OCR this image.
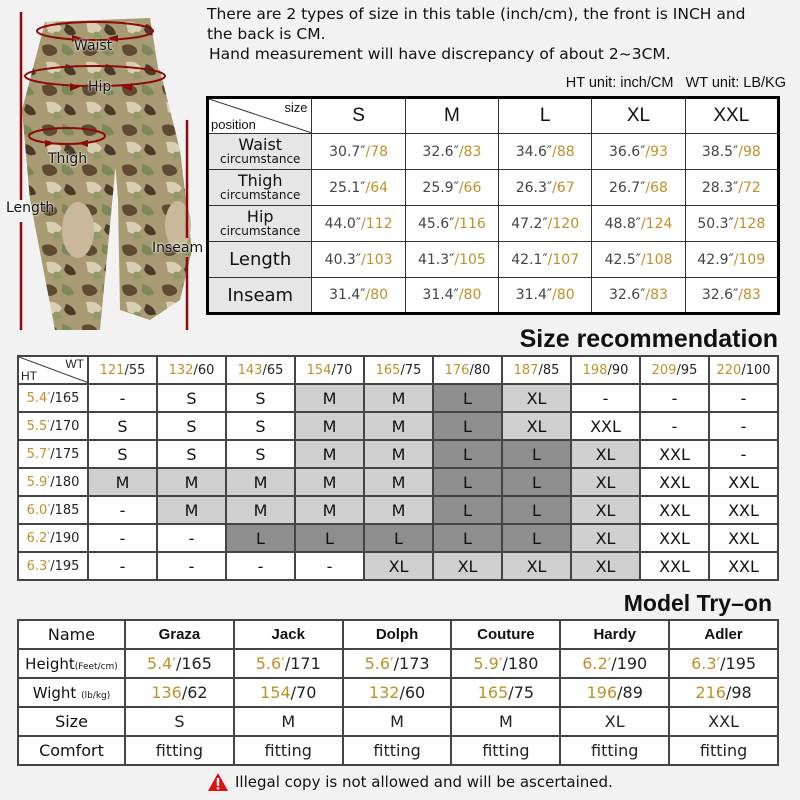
Waist
Hip
Thigh
Length
Inseam
There are 2 types of size in this table (inch/cm), the front is INCH and
the back is CM.
Hand measurement will have discrepancy of about 2~3CM.
HT unit: inch/CM   WT unit: LB/KG
size
position	S	M	L	XL	XXL

Waist
circumstance	30.7″/78	32.6″/83	34.6″/88	36.6″/93	38.5″/98

Thigh
circumstance	25.1″/64	25.9″/66	26.3″/67	26.7″/68	28.3″/72

Hip
circumstance	44.0″/112	45.6″/116	47.2″/120	48.8″/124	50.3″/128

Length	40.3″/103	41.3″/105	42.1″/107	42.5″/108	42.9″/109

Inseam	31.4″/80	31.4″/80	31.4″/80	32.6″/83	32.6″/83
Size recommendation
WT
HT	121/55	132/60	143/65	154/70	165/75	176/80	187/85	198/90	209/95	220/100
5.4′/165	-	S	S	M	M	L	XL	-	-	-
5.5′/170	S	S	S	M	M	L	XL	XXL	-	-
5.7′/175	S	S	S	M	M	L	L	XL	XXL	-
5.9′/180	M	M	M	M	M	L	L	XL	XXL	XXL
6.0′/185	-	M	M	M	M	L	L	XL	XXL	XXL
6.2′/190	-	-	L	L	L	L	L	XL	XXL	XXL
6.3′/195	-	-	-	-	XL	XL	XL	XL	XXL	XXL
Model Try–on
Name	Graza	Jack	Dolph	Couture	Hardy	Adler
Height(Feet/cm)	5.4′/165	5.6′/171	5.6′/173	5.9′/180	6.2′/190	6.3′/195
Wight (lb/kg)	136/62	154/70	132/60	165/75	196/89	216/98
Size	S	M	M	M	XL	XXL
Comfort	fitting	fitting	fitting	fitting	fitting	fitting
Illegal copy is not allowed and will be ascertained.
